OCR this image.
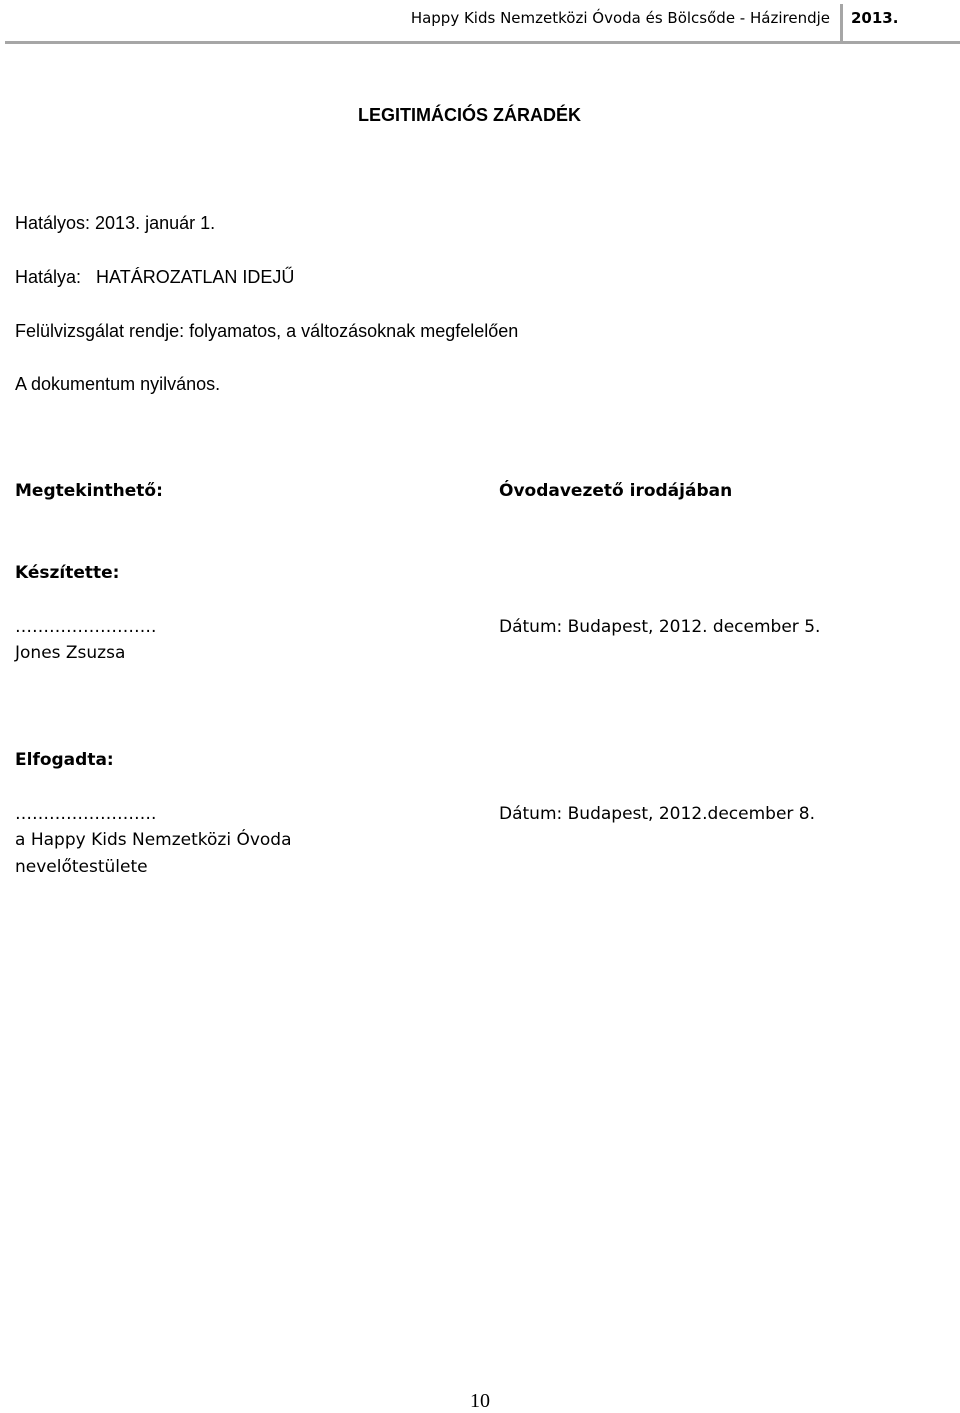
Happy Kids Nemzetközi Óvoda és Bölcsőde - Házirendje 2013.
LEGITIMÁCIÓS ZÁRADÉK
Hatályos: 2013. január 1.
Hatálya:   HATÁROZATLAN IDEJŰ
Felülvizsgálat rendje: folyamatos, a változásoknak megfelelően
A dokumentum nyilvános.
Megtekinthető:	Óvodavezető irodájában
Készítette:
…………………….
Jones Zsuzsa
Dátum: Budapest, 2012. december 5.
Elfogadta:
…………………….
a Happy Kids Nemzetközi Óvoda
nevelőtestülete
Dátum: Budapest, 2012.december 8.
10
